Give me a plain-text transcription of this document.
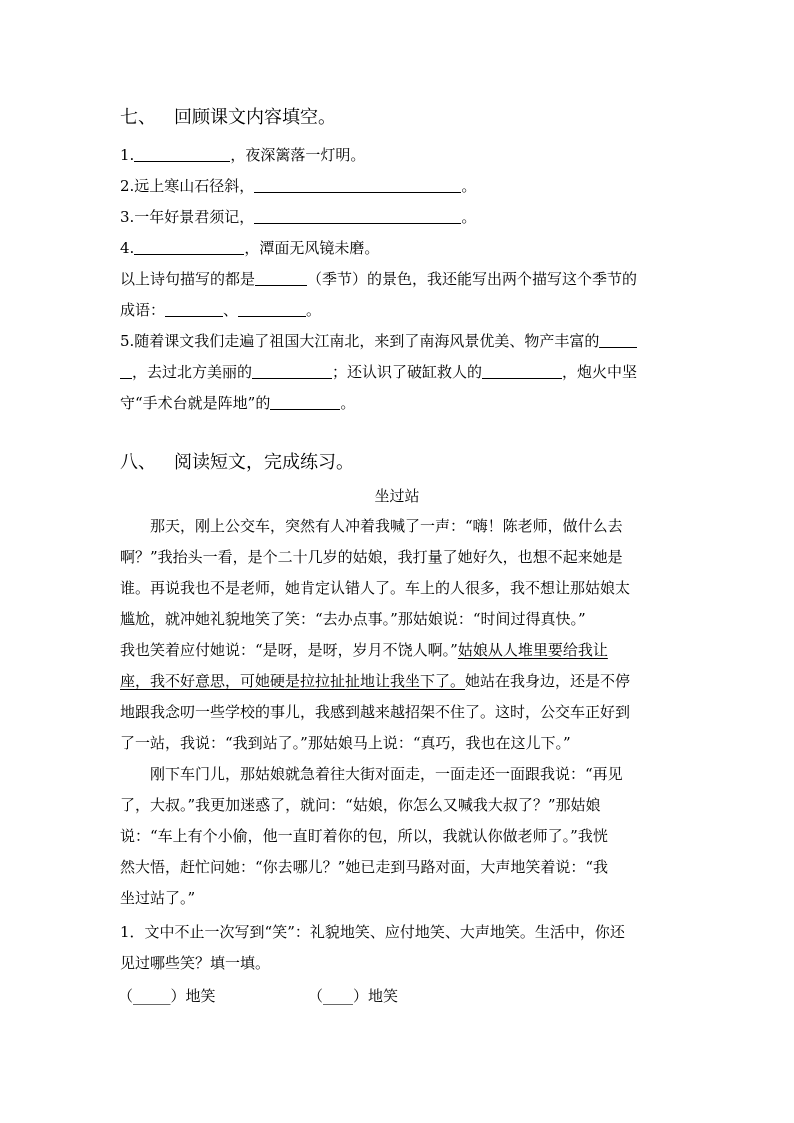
七、 回顾课文内容填空。
1.	，夜深篱落一灯明。
2.远上寒山石径斜，	。
3.一年好景君须记，	。
4.	，潭面无风镜未磨。
以上诗句描写的都是	（季节）的景色，我还能写出两个描写这个季节的
成语：	、	。
5.随着课文我们走遍了祖国大江南北，来到了南海风景优美、物产丰富的
，去过北方美丽的	；还认识了破缸救人的	，炮火中坚
守“手术台就是阵地”的	。
八、 阅读短文，完成练习。
坐过站
那天，刚上公交车，突然有人冲着我喊了一声：“嗨！陈老师，做什么去
啊？”我抬头一看，是个二十几岁的姑娘，我打量了她好久，也想不起来她是
谁。再说我也不是老师，她肯定认错人了。车上的人很多，我不想让那姑娘太
尴尬，就冲她礼貌地笑了笑：“去办点事。”那姑娘说：“时间过得真快。”
我也笑着应付她说：“是呀，是呀，岁月不饶人啊。”姑娘从人堆里要给我让
座，我不好意思，可她硬是拉拉扯扯地让我坐下了。她站在我身边，还是不停
地跟我念叨一些学校的事儿，我感到越来越招架不住了。这时，公交车正好到
了一站，我说：“我到站了。”那姑娘马上说：“真巧，我也在这儿下。”
刚下车门儿，那姑娘就急着往大街对面走，一面走还一面跟我说：“再见
了，大叔。”我更加迷惑了，就问：“姑娘，你怎么又喊我大叔了？”那姑娘
说：“车上有个小偷，他一直盯着你的包，所以，我就认你做老师了。”我恍
然大悟，赶忙问她：“你去哪儿？”她已走到马路对面，大声地笑着说：“我
坐过站了。”
1．文中不止一次写到“笑”：礼貌地笑、应付地笑、大声地笑。生活中，你还
见过哪些笑？填一填。
（_____）地笑	（____）地笑
